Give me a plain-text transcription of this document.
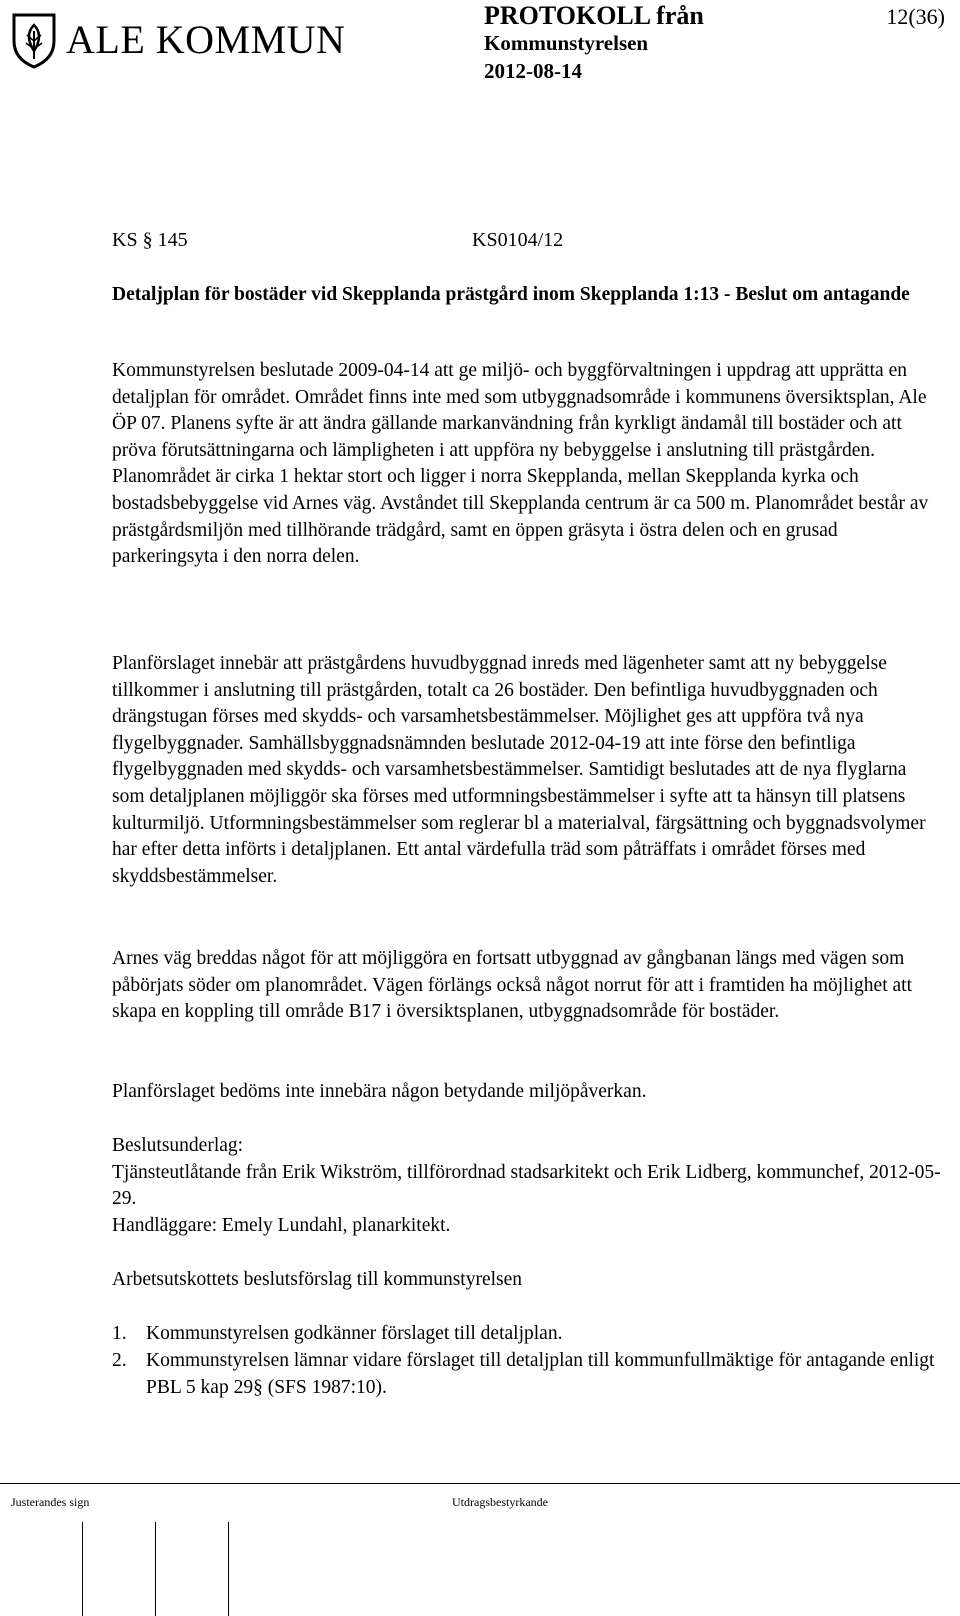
ALE KOMMUN
PROTOKOLL från
Kommunstyrelsen
2012-08-14
12(36)
KS § 145	KS0104/12
Detaljplan för bostäder vid Skepplanda prästgård inom Skepplanda 1:13 - Beslut om antagande
Kommunstyrelsen beslutade 2009-04-14 att ge miljö- och byggförvaltningen i uppdrag att upprätta en detaljplan för området. Området finns inte med som utbyggnadsområde i kommunens översiktsplan, Ale ÖP 07. Planens syfte är att ändra gällande markanvändning från kyrkligt ändamål till bostäder och att pröva förutsättningarna och lämpligheten i att uppföra ny bebyggelse i anslutning till prästgården. Planområdet är cirka 1 hektar stort och ligger i norra Skepplanda, mellan Skepplanda kyrka och bostadsbebyggelse vid Arnes väg. Avståndet till Skepplanda centrum är ca 500 m. Planområdet består av prästgårdsmiljön med tillhörande trädgård, samt en öppen gräsyta i östra delen och en grusad parkeringsyta i den norra delen.
Planförslaget innebär att prästgårdens huvudbyggnad inreds med lägenheter samt att ny bebyggelse tillkommer i anslutning till prästgården, totalt ca 26 bostäder. Den befintliga huvudbyggnaden och drängstugan förses med skydds- och varsamhetsbestämmelser. Möjlighet ges att uppföra två nya flygelbyggnader. Samhällsbyggnadsnämnden beslutade 2012-04-19 att inte förse den befintliga flygelbyggnaden med skydds- och varsamhetsbestämmelser. Samtidigt beslutades att de nya flyglarna som detaljplanen möjliggör ska förses med utformningsbestämmelser i syfte att ta hänsyn till platsens kulturmiljö. Utformningsbestämmelser som reglerar bl a materialval, färgsättning och byggnadsvolymer har efter detta införts i detaljplanen. Ett antal värdefulla träd som påträffats i området förses med skyddsbestämmelser.
Arnes väg breddas något för att möjliggöra en fortsatt utbyggnad av gångbanan längs med vägen som påbörjats söder om planområdet. Vägen förlängs också något norrut för att i framtiden ha möjlighet att skapa en koppling till område B17 i översiktsplanen, utbyggnadsområde för bostäder.
Planförslaget bedöms inte innebära någon betydande miljöpåverkan.
Beslutsunderlag:
Tjänsteutlåtande från Erik Wikström, tillförordnad stadsarkitekt och Erik Lidberg, kommunchef, 2012-05-29.
Handläggare: Emely Lundahl, planarkitekt.
Arbetsutskottets beslutsförslag till kommunstyrelsen
1. Kommunstyrelsen godkänner förslaget till detaljplan.
2. Kommunstyrelsen lämnar vidare förslaget till detaljplan till kommunfullmäktige för antagande enligt PBL 5 kap 29§ (SFS 1987:10).
Justerandes sign	Utdragsbestyrkande
